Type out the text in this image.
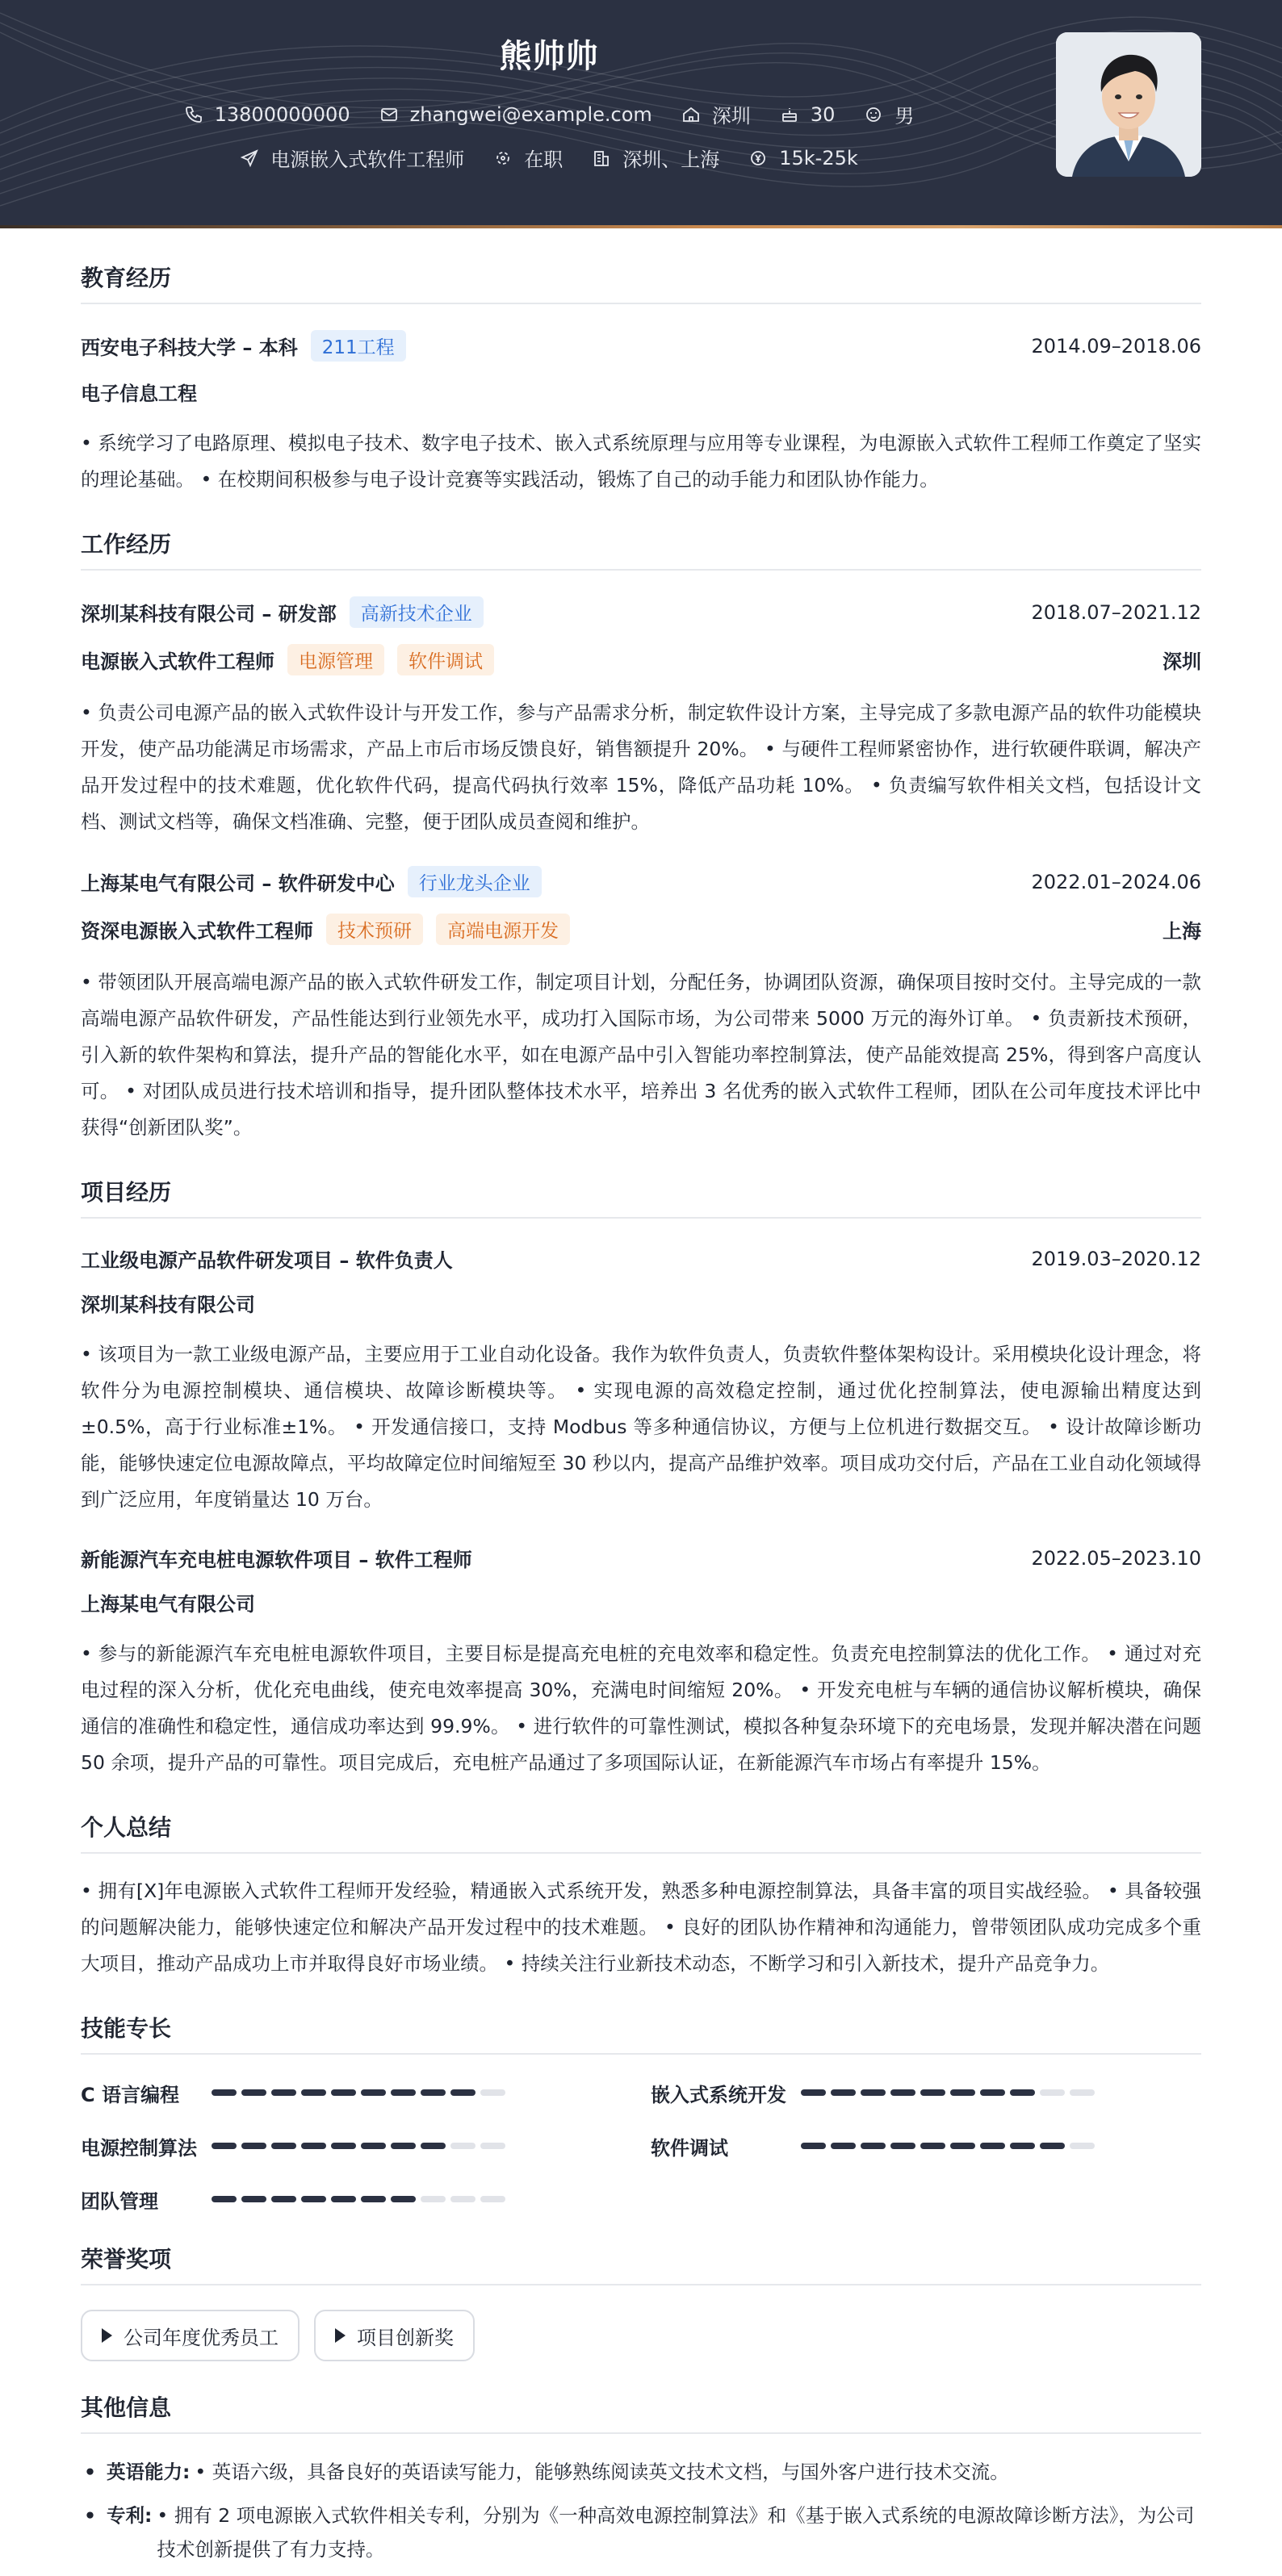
熊帅帅
13800000000	zhangwei@example.com	深圳	30	男
电源嵌入式软件工程师	在职	深圳、上海	15k-25k
教育经历
西安电子科技大学 – 本科	211工程	2014.09–2018.06
电子信息工程
• 系统学习了电路原理、模拟电子技术、数字电子技术、嵌入式系统原理与应用等专业课程，为电源嵌入式软件工程师工作奠定了坚实的理论基础。 • 在校期间积极参与电子设计竞赛等实践活动，锻炼了自己的动手能力和团队协作能力。
工作经历
深圳某科技有限公司 – 研发部	高新技术企业	2018.07–2021.12
电源嵌入式软件工程师	电源管理	软件调试	深圳
• 负责公司电源产品的嵌入式软件设计与开发工作，参与产品需求分析，制定软件设计方案，主导完成了多款电源产品的软件功能模块开发，使产品功能满足市场需求，产品上市后市场反馈良好，销售额提升 20%。 • 与硬件工程师紧密协作，进行软硬件联调，解决产品开发过程中的技术难题，优化软件代码，提高代码执行效率 15%，降低产品功耗 10%。 • 负责编写软件相关文档，包括设计文档、测试文档等，确保文档准确、完整，便于团队成员查阅和维护。
上海某电气有限公司 – 软件研发中心	行业龙头企业	2022.01–2024.06
资深电源嵌入式软件工程师	技术预研	高端电源开发	上海
• 带领团队开展高端电源产品的嵌入式软件研发工作，制定项目计划，分配任务，协调团队资源，确保项目按时交付。主导完成的一款高端电源产品软件研发，产品性能达到行业领先水平，成功打入国际市场，为公司带来 5000 万元的海外订单。 • 负责新技术预研，引入新的软件架构和算法，提升产品的智能化水平，如在电源产品中引入智能功率控制算法，使产品能效提高 25%，得到客户高度认可。 • 对团队成员进行技术培训和指导，提升团队整体技术水平，培养出 3 名优秀的嵌入式软件工程师，团队在公司年度技术评比中获得“创新团队奖”。
项目经历
工业级电源产品软件研发项目 – 软件负责人	2019.03–2020.12
深圳某科技有限公司
• 该项目为一款工业级电源产品，主要应用于工业自动化设备。我作为软件负责人，负责软件整体架构设计。采用模块化设计理念，将软件分为电源控制模块、通信模块、故障诊断模块等。 • 实现电源的高效稳定控制，通过优化控制算法，使电源输出精度达到±0.5%，高于行业标准±1%。 • 开发通信接口，支持 Modbus 等多种通信协议，方便与上位机进行数据交互。 • 设计故障诊断功能，能够快速定位电源故障点，平均故障定位时间缩短至 30 秒以内，提高产品维护效率。项目成功交付后，产品在工业自动化领域得到广泛应用，年度销量达 10 万台。
新能源汽车充电桩电源软件项目 – 软件工程师	2022.05–2023.10
上海某电气有限公司
• 参与的新能源汽车充电桩电源软件项目，主要目标是提高充电桩的充电效率和稳定性。负责充电控制算法的优化工作。 • 通过对充电过程的深入分析，优化充电曲线，使充电效率提高 30%，充满电时间缩短 20%。 • 开发充电桩与车辆的通信协议解析模块，确保通信的准确性和稳定性，通信成功率达到 99.9%。 • 进行软件的可靠性测试，模拟各种复杂环境下的充电场景，发现并解决潜在问题 50 余项，提升产品的可靠性。项目完成后，充电桩产品通过了多项国际认证，在新能源汽车市场占有率提升 15%。
个人总结
• 拥有[X]年电源嵌入式软件工程师开发经验，精通嵌入式系统开发，熟悉多种电源控制算法，具备丰富的项目实战经验。 • 具备较强的问题解决能力，能够快速定位和解决产品开发过程中的技术难题。 • 良好的团队协作精神和沟通能力，曾带领团队成功完成多个重大项目，推动产品成功上市并取得良好市场业绩。 • 持续关注行业新技术动态，不断学习和引入新技术，提升产品竞争力。
技能专长
C 语言编程	嵌入式系统开发
电源控制算法	软件调试
团队管理
荣誉奖项
公司年度优秀员工	项目创新奖
其他信息
• 英语能力: • 英语六级，具备良好的英语读写能力，能够熟练阅读英文技术文档，与国外客户进行技术交流。
• 专利: • 拥有 2 项电源嵌入式软件相关专利，分别为《一种高效电源控制算法》和《基于嵌入式系统的电源故障诊断方法》，为公司技术创新提供了有力支持。
